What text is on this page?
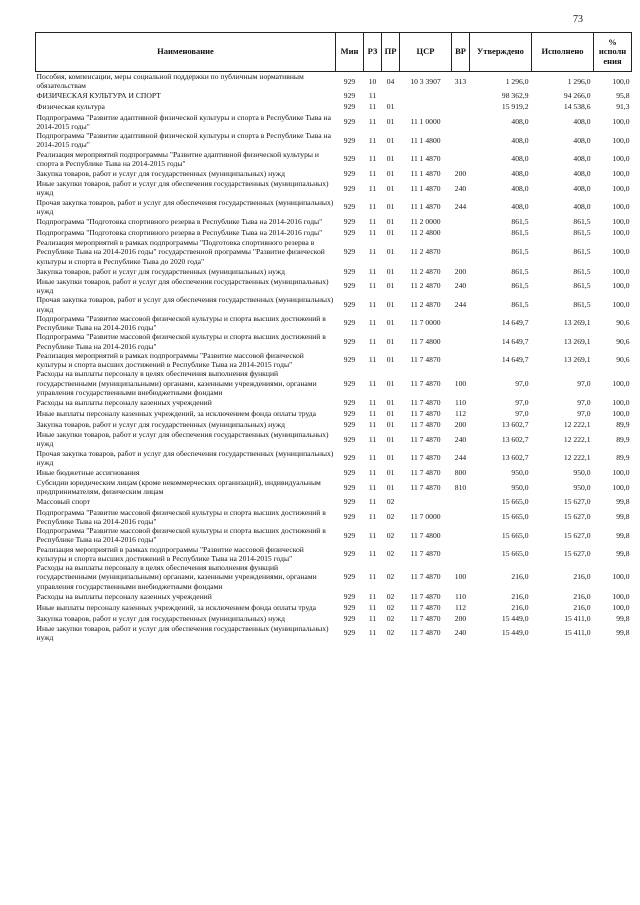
73
Наименование	Мин	РЗ	ПР	ЦСР	ВР	Утверждено	Исполнено	% исполн ения
Пособия, компенсации, меры социальной поддержки по публичным нормативным обязательствам	929	10	04	10 3 3907	313	1 296,0	1 296,0	100,0
ФИЗИЧЕСКАЯ КУЛЬТУРА И СПОРТ	929	11				98 362,9	94 266,0	95,8
Физическая культура	929	11	01			15 919,2	14 538,6	91,3
Подпрограмма "Развитие адаптивной физической культуры и спорта в Республике Тыва на 2014-2015 годы"	929	11	01	11 1 0000		408,0	408,0	100,0
Подпрограмма "Развитие адаптивной физической культуры и спорта в Республике Тыва на 2014-2015 годы"	929	11	01	11 1 4800		408,0	408,0	100,0
Реализация мероприятий подпрограммы "Развитие адаптивной физической культуры и спорта в Республике Тыва на 2014-2015 годы"	929	11	01	11 1 4870		408,0	408,0	100,0
Закупка товаров, работ и услуг для государственных (муниципальных) нужд	929	11	01	11 1 4870	200	408,0	408,0	100,0
Иные закупки товаров, работ и услуг для обеспечения государственных (муниципальных) нужд	929	11	01	11 1 4870	240	408,0	408,0	100,0
Прочая закупка товаров, работ и услуг для обеспечения государственных (муниципальных) нужд	929	11	01	11 1 4870	244	408,0	408,0	100,0
Подпрограмма "Подготовка спортивного резерва в Республике Тыва на 2014-2016 годы"	929	11	01	11 2 0000		861,5	861,5	100,0
Подпрограмма "Подготовка спортивного резерва в Республике Тыва на 2014-2016 годы"	929	11	01	11 2 4800		861,5	861,5	100,0
Реализация мероприятий в рамках подпрограммы "Подготовка спортивного резерва в Республике Тыва на 2014-2016 годы" государственной программы "Развитие физической культуры и спорта в Республике Тыва до 2020 года"	929	11	01	11 2 4870		861,5	861,5	100,0
Закупка товаров, работ и услуг для государственных (муниципальных) нужд	929	11	01	11 2 4870	200	861,5	861,5	100,0
Иные закупки товаров, работ и услуг для обеспечения государственных (муниципальных) нужд	929	11	01	11 2 4870	240	861,5	861,5	100,0
Прочая закупка товаров, работ и услуг для обеспечения государственных (муниципальных) нужд	929	11	01	11 2 4870	244	861,5	861,5	100,0
Подпрограмма "Развитие массовой физической культуры и спорта высших достижений в Республике Тыва на 2014-2016 годы"	929	11	01	11 7 0000		14 649,7	13 269,1	90,6
Подпрограмма "Развитие массовой физической культуры и спорта высших достижений в Республике Тыва на 2014-2016 годы"	929	11	01	11 7 4800		14 649,7	13 269,1	90,6
Реализация мероприятий в рамках подпрограммы "Развитие массовой физической культуры и спорта высших достижений в Республике Тыва на 2014-2015 годы"	929	11	01	11 7 4870		14 649,7	13 269,1	90,6
Расходы на выплаты персоналу в целях обеспечения выполнения функций государственными (муниципальными) органами, казенными учреждениями, органами управления государственными внебюджетными фондами	929	11	01	11 7 4870	100	97,0	97,0	100,0
Расходы на выплаты персоналу казенных учреждений	929	11	01	11 7 4870	110	97,0	97,0	100,0
Иные выплаты персоналу казенных учреждений, за исключением фонда оплаты труда	929	11	01	11 7 4870	112	97,0	97,0	100,0
Закупка товаров, работ и услуг для государственных (муниципальных) нужд	929	11	01	11 7 4870	200	13 602,7	12 222,1	89,9
Иные закупки товаров, работ и услуг для обеспечения государственных (муниципальных) нужд	929	11	01	11 7 4870	240	13 602,7	12 222,1	89,9
Прочая закупка товаров, работ и услуг для обеспечения государственных (муниципальных) нужд	929	11	01	11 7 4870	244	13 602,7	12 222,1	89,9
Иные бюджетные ассигнования	929	11	01	11 7 4870	800	950,0	950,0	100,0
Субсидии юридическим лицам (кроме некоммерческих организаций), индивидуальным предпринимателям, физическим лицам	929	11	01	11 7 4870	810	950,0	950,0	100,0
Массовый спорт	929	11	02			15 665,0	15 627,0	99,8
Подпрограмма "Развитие массовой физической культуры и спорта высших достижений в Республике Тыва на 2014-2016 годы"	929	11	02	11 7 0000		15 665,0	15 627,0	99,8
Подпрограмма "Развитие массовой физической культуры и спорта высших достижений в Республике Тыва на 2014-2016 годы"	929	11	02	11 7 4800		15 665,0	15 627,0	99,8
Реализация мероприятий в рамках подпрограммы "Развитие массовой физической культуры и спорта высших достижений в Республике Тыва на 2014-2015 годы"	929	11	02	11 7 4870		15 665,0	15 627,0	99,8
Расходы на выплаты персоналу в целях обеспечения выполнения функций государственными (муниципальными) органами, казенными учреждениями, органами управления государственными внебюджетными фондами	929	11	02	11 7 4870	100	216,0	216,0	100,0
Расходы на выплаты персоналу казенных учреждений	929	11	02	11 7 4870	110	216,0	216,0	100,0
Иные выплаты персоналу казенных учреждений, за исключением фонда оплаты труда	929	11	02	11 7 4870	112	216,0	216,0	100,0
Закупка товаров, работ и услуг для государственных (муниципальных) нужд	929	11	02	11 7 4870	200	15 449,0	15 411,0	99,8
Иные закупки товаров, работ и услуг для обеспечения государственных (муниципальных) нужд	929	11	02	11 7 4870	240	15 449,0	15 411,0	99,8
